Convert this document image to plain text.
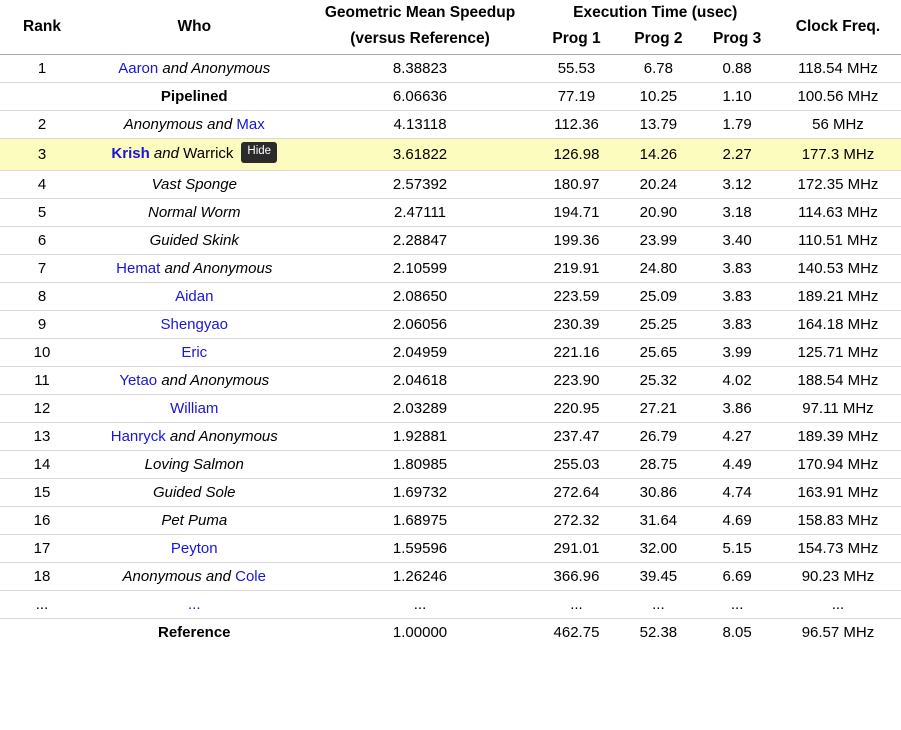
Rank	Who	Geometric Mean Speedup	Execution Time (usec)			Clock Freq.
		(versus Reference)	Prog 1	Prog 2	Prog 3	
1	Aaron and Anonymous	8.38823	55.53	6.78	0.88	118.54 MHz
	Pipelined	6.06636	77.19	10.25	1.10	100.56 MHz
2	Anonymous and Max	4.13118	112.36	13.79	1.79	56 MHz
3	Krish and Warrick Hide	3.61822	126.98	14.26	2.27	177.3 MHz
4	Vast Sponge	2.57392	180.97	20.24	3.12	172.35 MHz
5	Normal Worm	2.47111	194.71	20.90	3.18	114.63 MHz
6	Guided Skink	2.28847	199.36	23.99	3.40	110.51 MHz
7	Hemat and Anonymous	2.10599	219.91	24.80	3.83	140.53 MHz
8	Aidan	2.08650	223.59	25.09	3.83	189.21 MHz
9	Shengyao	2.06056	230.39	25.25	3.83	164.18 MHz
10	Eric	2.04959	221.16	25.65	3.99	125.71 MHz
11	Yetao and Anonymous	2.04618	223.90	25.32	4.02	188.54 MHz
12	William	2.03289	220.95	27.21	3.86	97.11 MHz
13	Hanryck and Anonymous	1.92881	237.47	26.79	4.27	189.39 MHz
14	Loving Salmon	1.80985	255.03	28.75	4.49	170.94 MHz
15	Guided Sole	1.69732	272.64	30.86	4.74	163.91 MHz
16	Pet Puma	1.68975	272.32	31.64	4.69	158.83 MHz
17	Peyton	1.59596	291.01	32.00	5.15	154.73 MHz
18	Anonymous and Cole	1.26246	366.96	39.45	6.69	90.23 MHz
...	...	...	...	...	...	...
	Reference	1.00000	462.75	52.38	8.05	96.57 MHz
